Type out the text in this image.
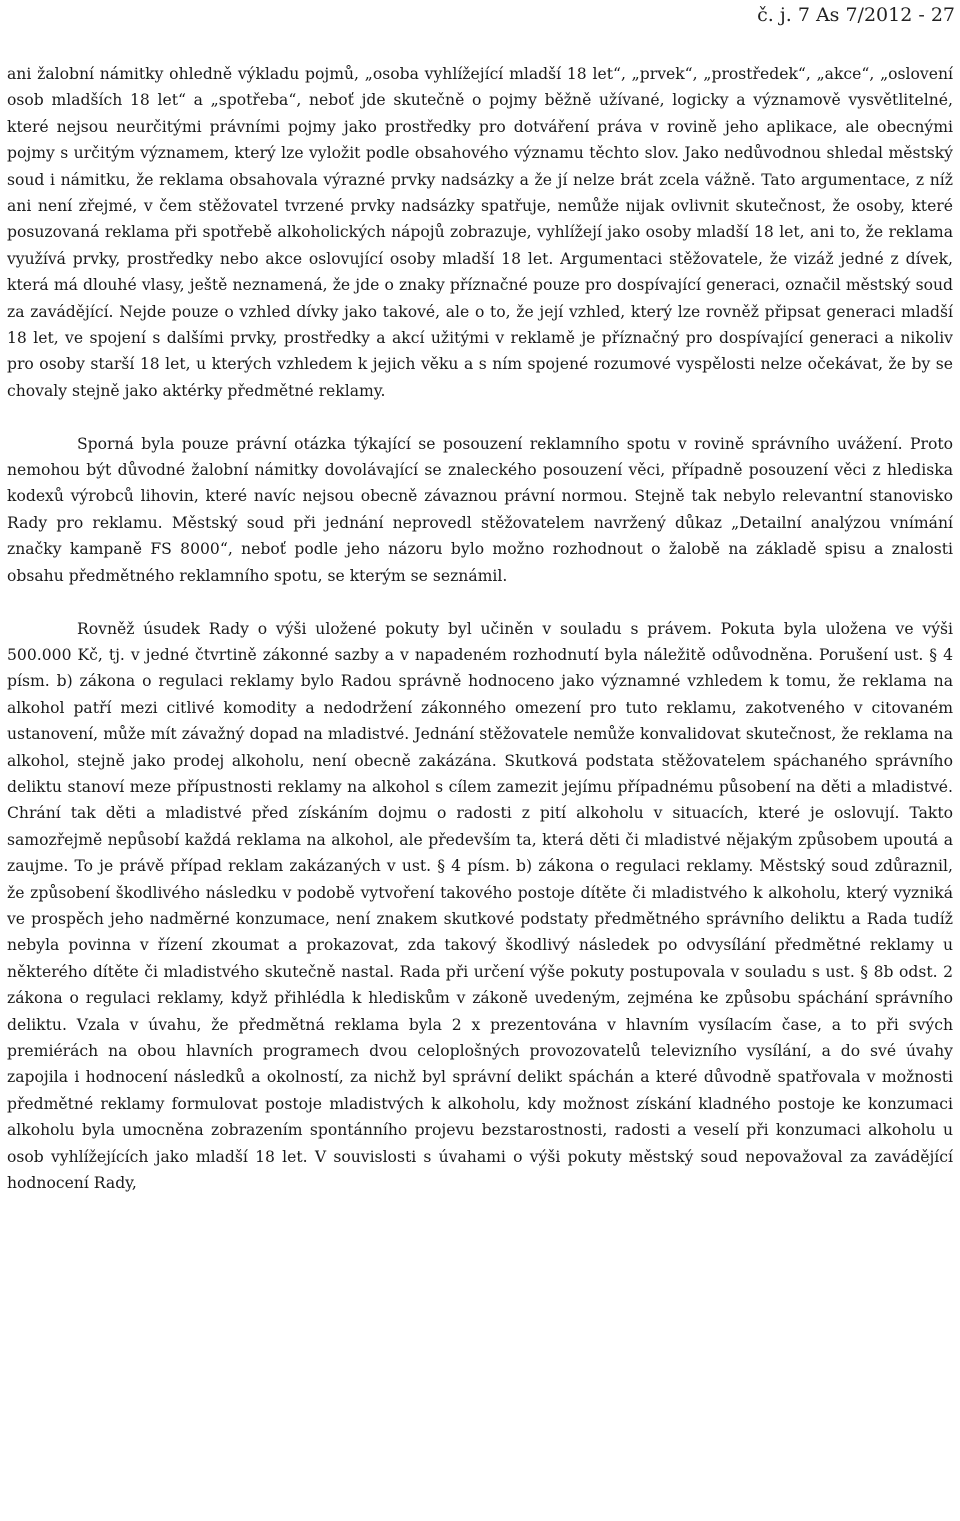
č. j. 7 As 7/2012 - 27

ani žalobní námitky ohledně výkladu pojmů, „osoba vyhlížející mladší 18 let“, „prvek“, „prostředek“, „akce“, „oslovení osob mladších 18 let“ a „spotřeba“, neboť jde skutečně o pojmy běžně užívané, logicky a významově vysvětlitelné, které nejsou neurčitými právními pojmy jako prostředky pro dotváření práva v rovině jeho aplikace, ale obecnými pojmy s určitým významem, který lze vyložit podle obsahového významu těchto slov. Jako nedůvodnou shledal městský soud i námitku, že reklama obsahovala výrazné prvky nadsázky a že jí nelze brát zcela vážně. Tato argumentace, z níž ani není zřejmé, v čem stěžovatel tvrzené prvky nadsázky spatřuje, nemůže nijak ovlivnit skutečnost, že osoby, které posuzovaná reklama při spotřebě alkoholických nápojů zobrazuje, vyhlížejí jako osoby mladší 18 let, ani to, že reklama využívá prvky, prostředky nebo akce oslovující osoby mladší 18 let. Argumentaci stěžovatele, že vizáž jedné z dívek, která má dlouhé vlasy, ještě neznamená, že jde o znaky příznačné pouze pro dospívající generaci, označil městský soud za zavádějící. Nejde pouze o vzhled dívky jako takové, ale o to, že její vzhled, který lze rovněž připsat generaci mladší 18 let, ve spojení s dalšími prvky, prostředky a akcí užitými v reklamě je příznačný pro dospívající generaci a nikoliv pro osoby starší 18 let, u kterých vzhledem k jejich věku a s ním spojené rozumové vyspělosti nelze očekávat, že by se chovaly stejně jako aktérky předmětné reklamy.

Sporná byla pouze právní otázka týkající se posouzení reklamního spotu v rovině správního uvážení. Proto nemohou být důvodné žalobní námitky dovolávající se znaleckého posouzení věci, případně posouzení věci z hlediska kodexů výrobců lihovin, které navíc nejsou obecně závaznou právní normou. Stejně tak nebylo relevantní stanovisko Rady pro reklamu. Městský soud při jednání neprovedl stěžovatelem navržený důkaz „Detailní analýzou vnímání značky kampaně FS 8000“, neboť podle jeho názoru bylo možno rozhodnout o žalobě na základě spisu a znalosti obsahu předmětného reklamního spotu, se kterým se seznámil.

Rovněž úsudek Rady o výši uložené pokuty byl učiněn v souladu s právem. Pokuta byla uložena ve výši 500.000 Kč, tj. v jedné čtvrtině zákonné sazby a v napadeném rozhodnutí byla náležitě odůvodněna. Porušení ust. § 4 písm. b) zákona o regulaci reklamy bylo Radou správně hodnoceno jako významné vzhledem k tomu, že reklama na alkohol patří mezi citlivé komodity a nedodržení zákonného omezení pro tuto reklamu, zakotveného v citovaném ustanovení, může mít závažný dopad na mladistvé. Jednání stěžovatele nemůže konvalidovat skutečnost, že reklama na alkohol, stejně jako prodej alkoholu, není obecně zakázána. Skutková podstata stěžovatelem spáchaného správního deliktu stanoví meze přípustnosti reklamy na alkohol s cílem zamezit jejímu případnému působení na děti a mladistvé. Chrání tak děti a mladistvé před získáním dojmu o radosti z pití alkoholu v situacích, které je oslovují. Takto samozřejmě nepůsobí každá reklama na alkohol, ale především ta, která děti či mladistvé nějakým způsobem upoutá a zaujme. To je právě případ reklam zakázaných v ust. § 4 písm. b) zákona o regulaci reklamy. Městský soud zdůraznil, že způsobení škodlivého následku v podobě vytvoření takového postoje dítěte či mladistvého k alkoholu, který vyzniká ve prospěch jeho nadměrné konzumace, není znakem skutkové podstaty předmětného správního deliktu a Rada tudíž nebyla povinna v řízení zkoumat a prokazovat, zda takový škodlivý následek po odvysílání předmětné reklamy u některého dítěte či mladistvého skutečně nastal. Rada při určení výše pokuty postupovala v souladu s ust. § 8b odst. 2 zákona o regulaci reklamy, když přihlédla k hlediskům v zákoně uvedeným, zejména ke způsobu spáchání správního deliktu. Vzala v úvahu, že předmětná reklama byla 2 x prezentována v hlavním vysílacím čase, a to při svých premiérách na obou hlavních programech dvou celoplošných provozovatelů televizního vysílání, a do své úvahy zapojila i hodnocení následků a okolností, za nichž byl správní delikt spáchán a které důvodně spatřovala v možnosti předmětné reklamy formulovat postoje mladistvých k alkoholu, kdy možnost získání kladného postoje ke konzumaci alkoholu byla umocněna zobrazením spontánního projevu bezstarostnosti, radosti a veselí při konzumaci alkoholu u osob vyhlížejících jako mladší 18 let. V souvislosti s úvahami o výši pokuty městský soud nepovažoval za zavádějící hodnocení Rady,
